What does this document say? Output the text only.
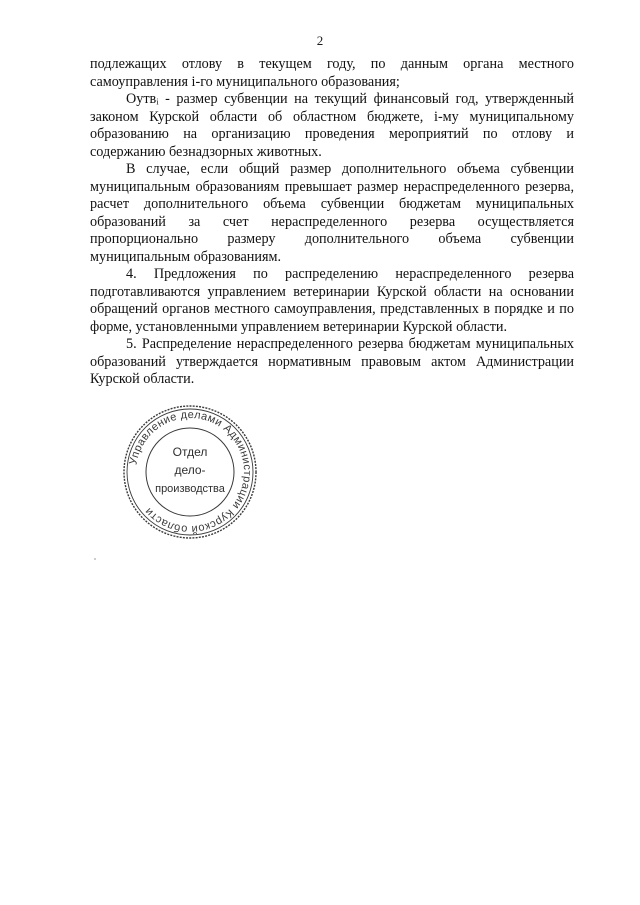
2

подлежащих отлову в текущем году, по данным органа местного самоуправления i-го муниципального образования;

Оутвᵢ - размер субвенции на текущий финансовый год, утвержденный законом Курской области об областном бюджете, i-му муниципальному образованию на организацию проведения мероприятий по отлову и содержанию безнадзорных животных.

В случае, если общий размер дополнительного объема субвенции муниципальным образованиям превышает размер нераспределенного резерва, расчет дополнительного объема субвенции бюджетам муниципальных образований за счет нераспределенного резерва осуществляется пропорционально размеру дополнительного объема субвенции муниципальным образованиям.

4. Предложения по распределению нераспределенного резерва подготавливаются управлением ветеринарии Курской области на основании обращений органов местного самоуправления, представленных в порядке и по форме, установленными управлением ветеринарии Курской области.

5. Распределение нераспределенного резерва бюджетам муниципальных образований утверждается нормативным правовым актом Администрации Курской области.

Управление делами Администрации Курской области
Отдел
дело-
производства
